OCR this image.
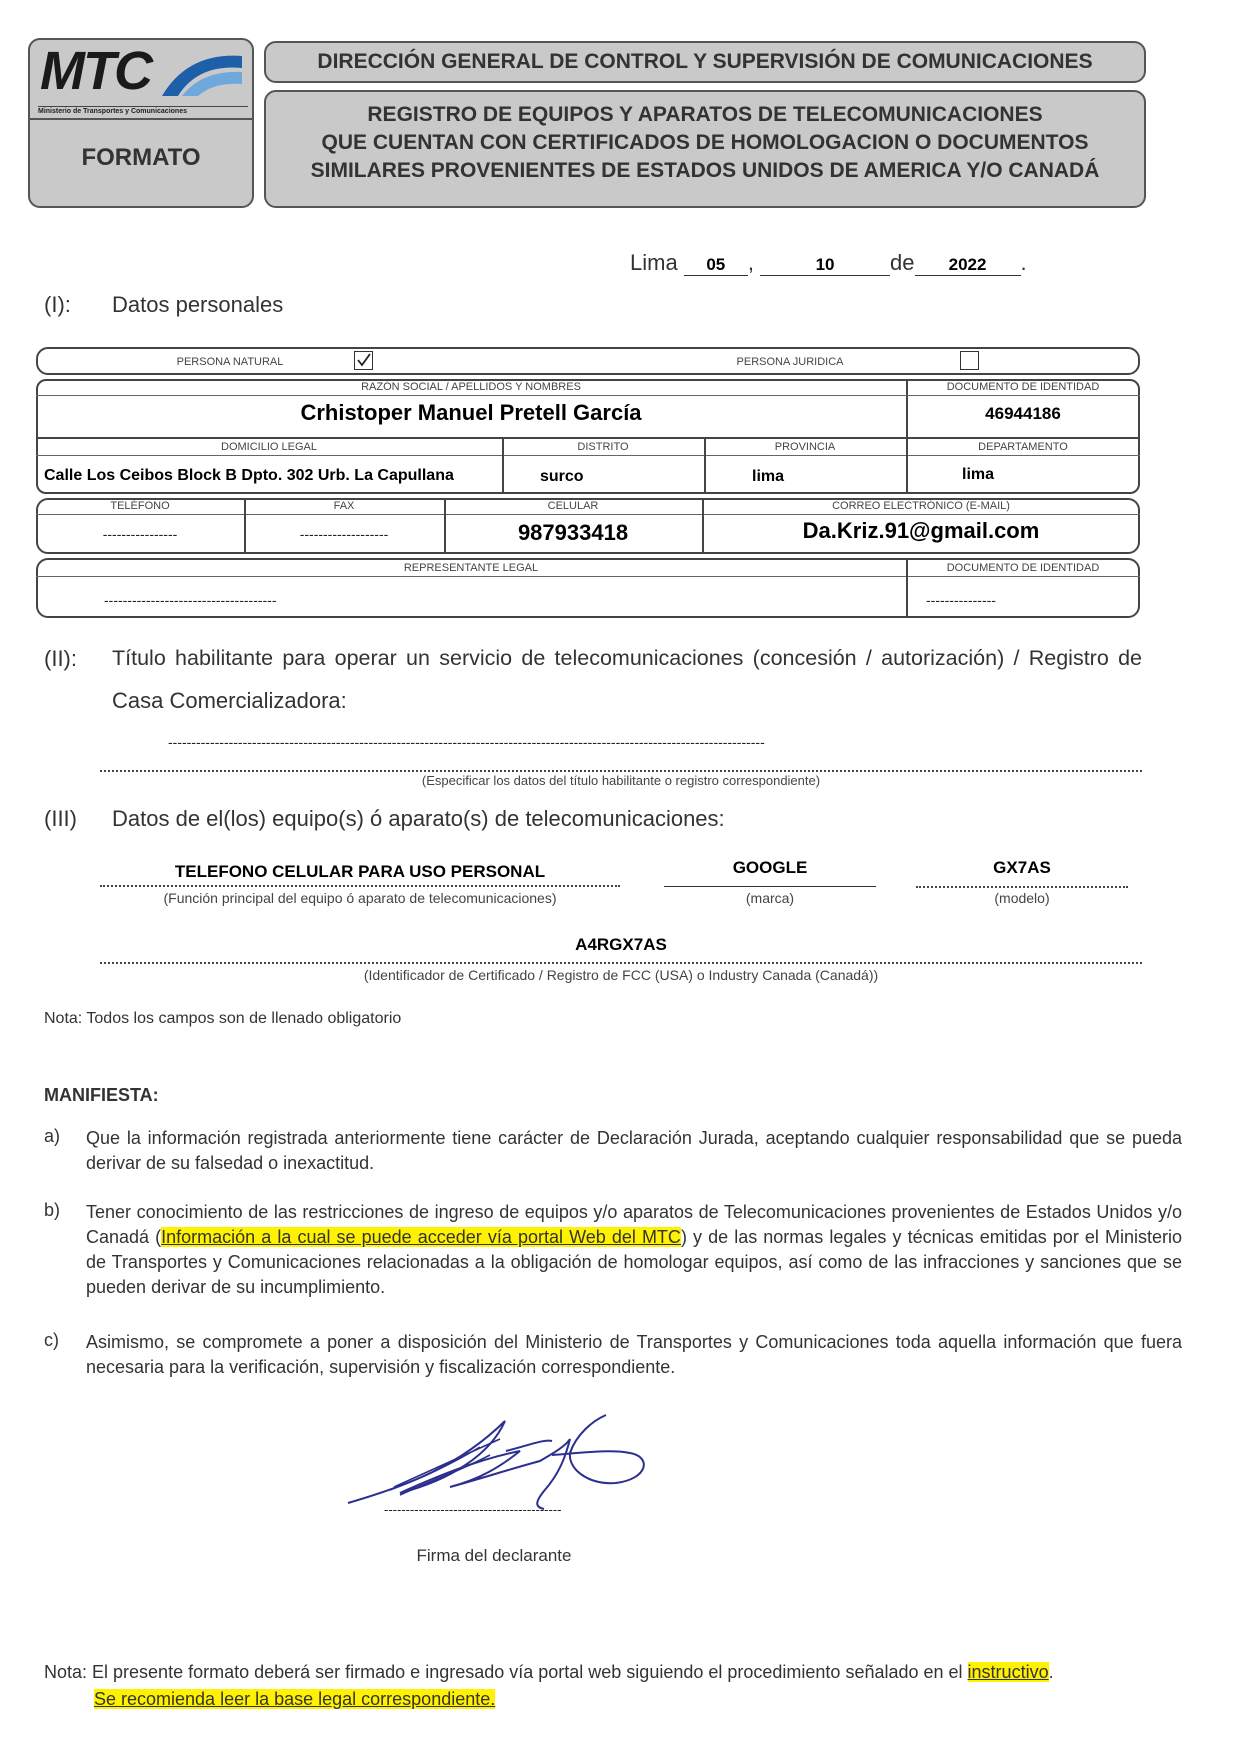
MTC
Ministerio de Transportes y Comunicaciones
FORMATO
DIRECCIÓN GENERAL DE CONTROL Y SUPERVISIÓN DE COMUNICACIONES
REGISTRO DE EQUIPOS Y APARATOS DE TELECOMUNICACIONES
QUE CUENTAN CON CERTIFICADOS DE HOMOLOGACION O DOCUMENTOS
SIMILARES PROVENIENTES DE ESTADOS UNIDOS DE AMERICA Y/O CANADÁ
Lima 05 ,	10	de 2022 .
(I): Datos personales
PERSONA NATURAL	PERSONA JURIDICA
RAZÓN SOCIAL / APELLIDOS Y NOMBRES	DOCUMENTO DE IDENTIDAD
Crhistoper Manuel Pretell García	46944186
DOMICILIO LEGAL	DISTRITO	PROVINCIA	DEPARTAMENTO
Calle Los Ceibos Block B Dpto. 302 Urb. La Capullana	surco	lima	lima
TELÉFONO	FAX	CELULAR	CORREO ELECTRÓNICO (E-MAIL)
----------------	-------------------	987933418	Da.Kriz.91@gmail.com
REPRESENTANTE LEGAL	DOCUMENTO DE IDENTIDAD
-------------------------------------	---------------
(II): Título habilitante para operar un servicio de telecomunicaciones (concesión / autorización) / Registro de
Casa Comercializadora:
--------------------------------------------------------------------------------------------------------------------------------
(Especificar los datos del título habilitante o registro correspondiente)
(III) Datos de el(los) equipo(s) ó aparato(s) de telecomunicaciones:
TELEFONO CELULAR PARA USO PERSONAL
(Función principal del equipo ó aparato de telecomunicaciones)
GOOGLE
(marca)
GX7AS
(modelo)
A4RGX7AS
(Identificador de Certificado / Registro de FCC (USA) o Industry Canada (Canadá))
Nota: Todos los campos son de llenado obligatorio
MANIFIESTA:
a) Que la información registrada anteriormente tiene carácter de Declaración Jurada, aceptando cualquier responsabilidad que se pueda derivar de su falsedad o inexactitud.
b) Tener conocimiento de las restricciones de ingreso de equipos y/o aparatos de Telecomunicaciones provenientes de Estados Unidos y/o Canadá (Información a la cual se puede acceder vía portal Web del MTC) y de las normas legales y técnicas emitidas por el Ministerio de Transportes y Comunicaciones relacionadas a la obligación de homologar equipos, así como de las infracciones y sanciones que se pueden derivar de su incumplimiento.
c) Asimismo, se compromete a poner a disposición del Ministerio de Transportes y Comunicaciones toda aquella información que fuera necesaria para la verificación, supervisión y fiscalización correspondiente.
-----------------------------------------
Firma del declarante
Nota: El presente formato deberá ser firmado e ingresado vía portal web siguiendo el procedimiento señalado en el instructivo.
Se recomienda leer la base legal correspondiente.
